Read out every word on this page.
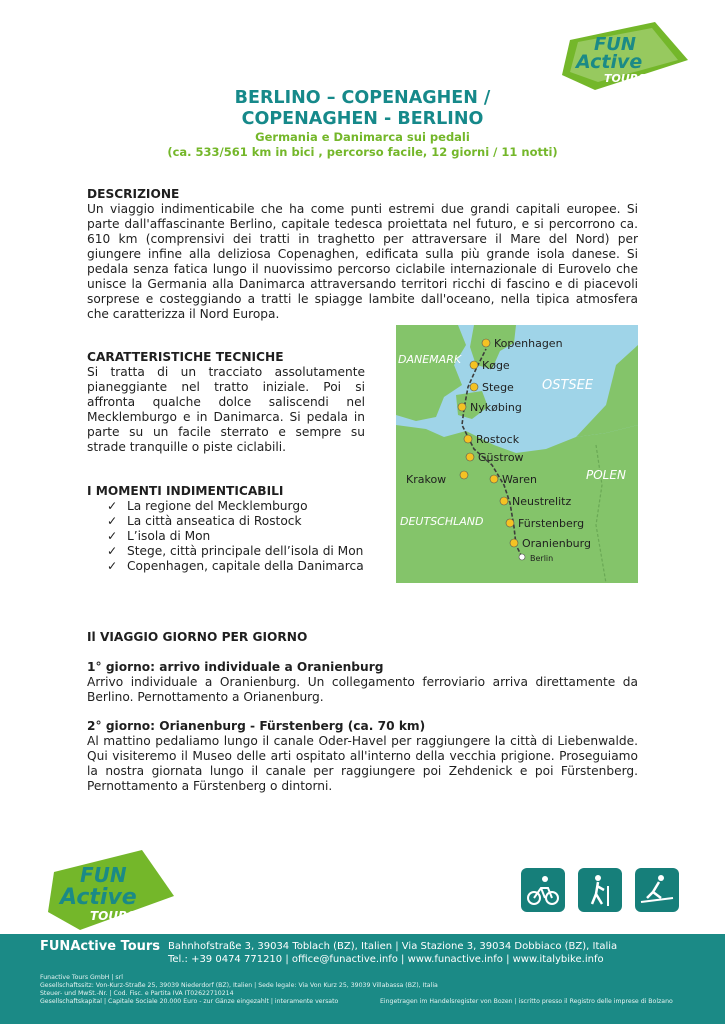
FUN
Active
TOURS
BERLINO – COPENAGHEN /
COPENAGHEN - BERLINO
Germania e Danimarca sui pedali
(ca. 533/561 km in bici , percorso facile, 12 giorni / 11 notti)
DESCRIZIONE
Un viaggio indimenticabile che ha come punti estremi due grandi capitali europee. Si parte dall'affascinante Berlino, capitale tedesca proiettata nel futuro, e si percorrono ca. 610 km (comprensivi dei tratti in traghetto per attraversare il Mare del Nord) per giungere infine alla deliziosa Copenaghen, edificata sulla più grande isola danese. Si pedala senza fatica lungo il nuovissimo percorso ciclabile internazionale di Eurovelo che unisce la Germania alla Danimarca attraversando territori ricchi di fascino e di piacevoli sorprese e costeggiando a tratti le spiagge lambite dall'oceano, nella tipica atmosfera che caratterizza il Nord Europa.
CARATTERISTICHE TECNICHE
Si tratta di un tracciato assolutamente pianeggiante nel tratto iniziale. Poi si affronta qualche dolce saliscendi nel Mecklemburgo e in Danimarca. Si pedala in parte su un facile sterrato e sempre su strade tranquille o piste ciclabili.
I MOMENTI INDIMENTICABILI
✓ La regione del Mecklemburgo
✓ La città anseatica di Rostock
✓ L’isola di Mon
✓ Stege, città principale dell’isola di Mon
✓ Copenhagen, capitale della Danimarca
DANEMARK
OSTSEE
POLEN
DEUTSCHLAND
Kopenhagen
Køge
Stege
Nykøbing
Rostock
Güstrow
Krakow	Waren
Neustrelitz
Fürstenberg
Oranienburg
Berlin
Il VIAGGIO GIORNO PER GIORNO
1° giorno: arrivo individuale a Oranienburg
Arrivo individuale a Oranienburg. Un collegamento ferroviario arriva direttamente da Berlino. Pernottamento a Orianenburg.
2° giorno: Orianenburg - Fürstenberg (ca. 70 km)
Al mattino pedaliamo lungo il canale Oder-Havel per raggiungere la città di Liebenwalde. Qui visiteremo il Museo delle arti ospitato all'interno della vecchia prigione. Proseguiamo la nostra giornata lungo il canale per raggiungere poi Zehdenick e poi Fürstenberg. Pernottamento a Fürstenberg o dintorni.
FUN
Active
TOURS
FUNActive Tours Bahnhofstraße 3, 39034 Toblach (BZ), Italien | Via Stazione 3, 39034 Dobbiaco (BZ), Italia
Tel.: +39 0474 771210 | office@funactive.info | www.funactive.info | www.italybike.info
Funactive Tours GmbH | srl
Gesellschaftssitz: Von-Kurz-Straße 25, 39039 Niederdorf (BZ), Italien | Sede legale: Via Von Kurz 25, 39039 Villabassa (BZ), Italia
Steuer- und MwSt.-Nr. | Cod. Fisc. e Partita IVA IT02622710214
Gesellschaftskapital | Capitale Sociale 20.000 Euro - zur Gänze eingezahlt | interamente versato	Eingetragen im Handelsregister von Bozen | iscritto presso il Registro delle imprese di Bolzano
